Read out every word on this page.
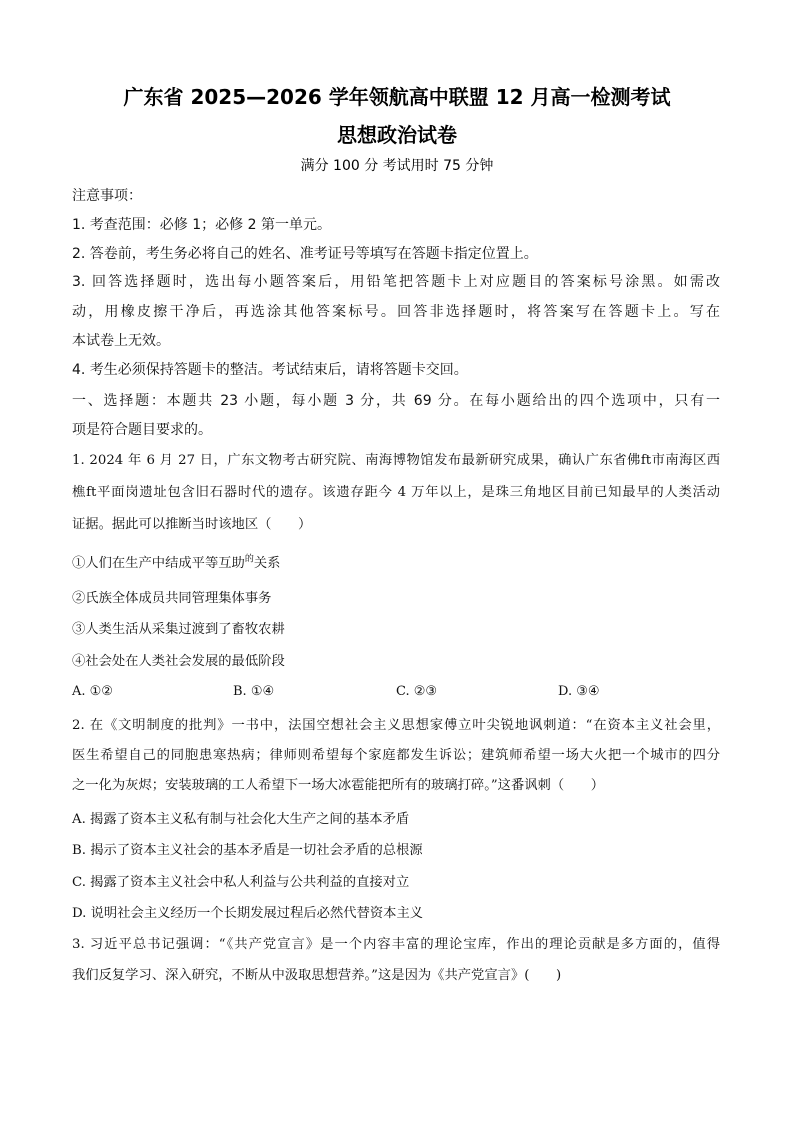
广东省 2025—2026 学年领航高中联盟 12 月高一检测考试
思想政治试卷
满分 100 分 考试用时 75 分钟
注意事项：
1. 考查范围：必修 1；必修 2 第一单元。
2. 答卷前，考生务必将自己的姓名、准考证号等填写在答题卡指定位置上。
3. 回答选择题时，选出每小题答案后，用铅笔把答题卡上对应题目的答案标号涂黑。如需改
动，用橡皮擦干净后，再选涂其他答案标号。回答非选择题时，将答案写在答题卡上。写在
本试卷上无效。
4. 考生必须保持答题卡的整洁。考试结束后，请将答题卡交回。
一、选择题：本题共 23 小题，每小题 3 分，共 69 分。在每小题给出的四个选项中，只有一
项是符合题目要求的。
1. 2024 年 6 月 27 日，广东文物考古研究院、南海博物馆发布最新研究成果，确认广东省佛ft市南海区西
樵ft平面岗遗址包含旧石器时代的遗存。该遗存距今 4 万年以上，是珠三角地区目前已知最早的人类活动
证据。据此可以推断当时该地区（　　）
①人们在生产中结成平等互助$^的$关系
②氏族全体成员共同管理集体事务
③人类生活从采集过渡到了畜牧农耕
④社会处在人类社会发展的最低阶段
A. ①②	B. ①④	C. ②③	D. ③④
2. 在《文明制度的批判》一书中，法国空想社会主义思想家傅立叶尖锐地讽刺道：“在资本主义社会里，
医生希望自己的同胞患寒热病；律师则希望每个家庭都发生诉讼；建筑师希望一场大火把一个城市的四分
之一化为灰烬；安装玻璃的工人希望下一场大冰雹能把所有的玻璃打碎。”这番讽刺（　　）
A. 揭露了资本主义私有制与社会化大生产之间的基本矛盾
B. 揭示了资本主义社会的基本矛盾是一切社会矛盾的总根源
C. 揭露了资本主义社会中私人利益与公共利益的直接对立
D. 说明社会主义经历一个长期发展过程后必然代替资本主义
3. 习近平总书记强调：“《共产党宣言》是一个内容丰富的理论宝库，作出的理论贡献是多方面的，值得
我们反复学习、深入研究，不断从中汲取思想营养。”这是因为《共产党宣言》(　　)
